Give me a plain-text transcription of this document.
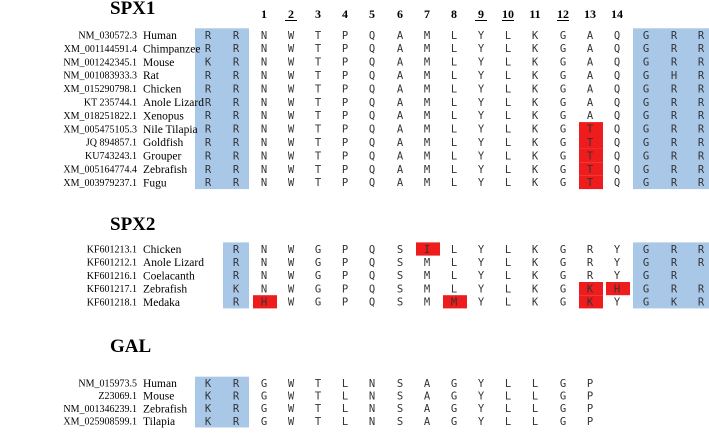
1 2 3 4 5 6 7 8 9 10 11 12 13 14
SPX1
NM_030572.3 Human	R R N W T P Q A M L Y L K G A Q G R R
XM_001144591.4 Chimpanzee R R N W T P Q A M L Y L K G A Q G R R
NM_001242345.1 Mouse	K R N W T P Q A M L Y L K G A Q G R R
NM_001083933.3 Rat	R R N W T P Q A M L Y L K G A Q G H R
XM_015290798.1 Chicken R R N W T P Q A M L Y L K G A Q G R R
KT 235744.1 Anole Lizard R R N W T P Q A M L Y L K G A Q G R R
XM_018251822.1 Xenopus R R N W T P Q A M L Y L K G A Q G R R
XM_005475105.3 Nile Tilapia R R N W T P Q A M L Y L K G T Q G R R
JQ 894857.1 Goldfish R R N W T P Q A M L Y L K G T Q G R R
KU743243.1 Grouper R R N W T P Q A M L Y L K G T Q G R R
XM_005164774.4 Zebrafish R R N W T P Q A M L Y L K G T Q G R R
XM_003979237.1 Fugu	R R N W T P Q A M L Y L K G T Q G R R
SPX2
KF601213.1 Chicken	R N W G P Q S I L Y L K G R Y G R R
KF601212.1 Anole Lizard	R N W G P Q S M L Y L K G R Y G R R
KF601216.1 Coelacanth	R N W G P Q S M L Y L K G R Y G R
KF601217.1 Zebrafish	K N W G P Q S M L Y L K G K H G R R
KF601218.1 Medaka	R H W G P Q S M M Y L K G K Y G K R
GAL
NM_015973.5 Human	K R G W T L N S A G Y L L G P
Z23069.1 Mouse	K R G W T L N S A G Y L L G P
NM_001346239.1 Zebrafish K R G W T L N S A G Y L L G P
XM_025908599.1 Tilapia	K R G W T L N S A G Y L L G P
